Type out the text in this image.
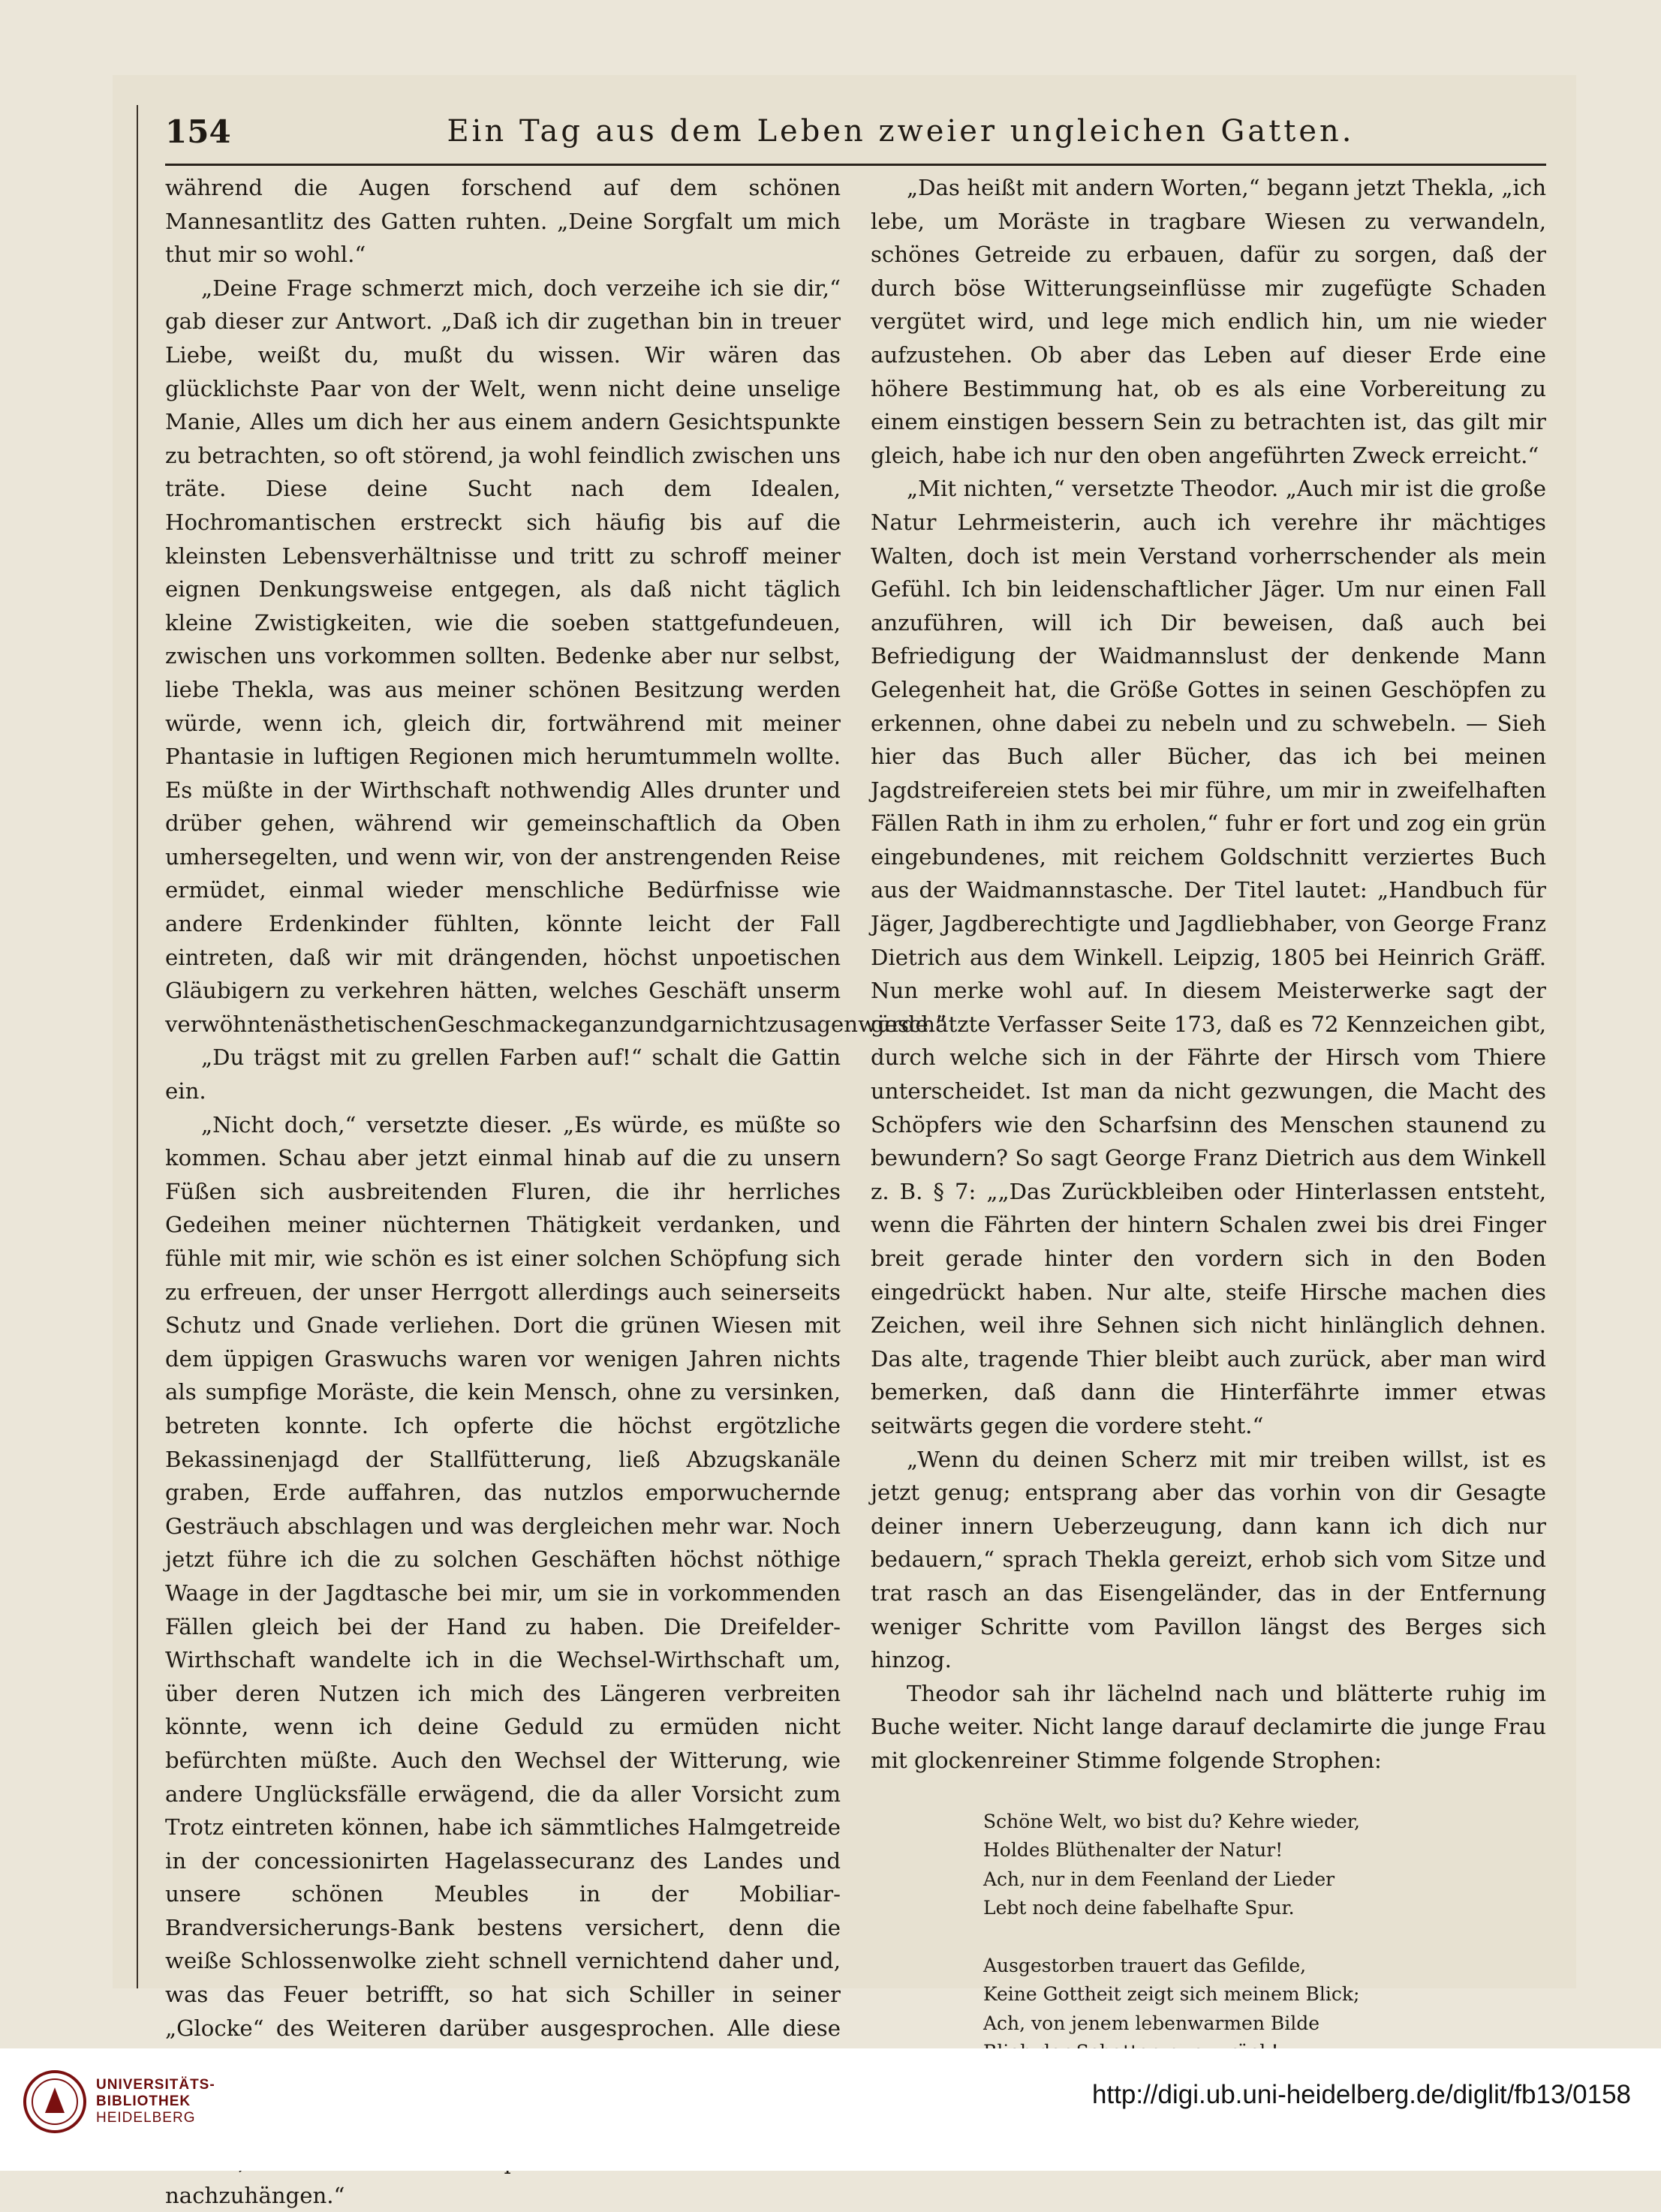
154	Ein Tag aus dem Leben zweier ungleichen Gatten.

während die Augen forschend auf dem schönen Mannesantlitz des Gatten ruhten. „Deine Sorgfalt um mich thut mir so wohl.“

„Deine Frage schmerzt mich, doch verzeihe ich sie dir,“ gab dieser zur Antwort. „Daß ich dir zugethan bin in treuer Liebe, weißt du, mußt du wissen. Wir wären das glücklichste Paar von der Welt, wenn nicht deine unselige Manie, Alles um dich her aus einem andern Gesichtspunkte zu betrachten, so oft störend, ja wohl feindlich zwischen uns träte. Diese deine Sucht nach dem Idealen, Hochromantischen erstreckt sich häufig bis auf die kleinsten Lebensverhältnisse und tritt zu schroff meiner eignen Denkungsweise entgegen, als daß nicht täglich kleine Zwistigkeiten, wie die soeben stattgefundeuen, zwischen uns vorkommen sollten. Bedenke aber nur selbst, liebe Thekla, was aus meiner schönen Besitzung werden würde, wenn ich, gleich dir, fortwährend mit meiner Phantasie in luftigen Regionen mich herumtummeln wollte. Es müßte in der Wirthschaft nothwendig Alles drunter und drüber gehen, während wir gemeinschaftlich da Oben umhersegelten, und wenn wir, von der anstrengenden Reise ermüdet, einmal wieder menschliche Bedürfnisse wie andere Erdenkinder fühlten, könnte leicht der Fall eintreten, daß wir mit drängenden, höchst unpoetischen Gläubigern zu verkehren hätten, welches Geschäft unserm verwöhntenästhetischenGeschmackeganzundgarnichtzusagenwürde.“

„Du trägst mit zu grellen Farben auf!“ schalt die Gattin ein.

„Nicht doch,“ versetzte dieser. „Es würde, es müßte so kommen. Schau aber jetzt einmal hinab auf die zu unsern Füßen sich ausbreitenden Fluren, die ihr herrliches Gedeihen meiner nüchternen Thätigkeit verdanken, und fühle mit mir, wie schön es ist einer solchen Schöpfung sich zu erfreuen, der unser Herrgott allerdings auch seinerseits Schutz und Gnade verliehen. Dort die grünen Wiesen mit dem üppigen Graswuchs waren vor wenigen Jahren nichts als sumpfige Moräste, die kein Mensch, ohne zu versinken, betreten konnte. Ich opferte die höchst ergötzliche Bekassinenjagd der Stallfütterung, ließ Abzugskanäle graben, Erde auffahren, das nutzlos emporwuchernde Gesträuch abschlagen und was dergleichen mehr war. Noch jetzt führe ich die zu solchen Geschäften höchst nöthige Waage in der Jagdtasche bei mir, um sie in vorkommenden Fällen gleich bei der Hand zu haben. Die Dreifelder-Wirthschaft wandelte ich in die Wechsel-Wirthschaft um, über deren Nutzen ich mich des Längeren verbreiten könnte, wenn ich deine Geduld zu ermüden nicht befürchten müßte. Auch den Wechsel der Witterung, wie andere Unglücksfälle erwägend, die da aller Vorsicht zum Trotz eintreten können, habe ich sämmtliches Halmgetreide in der concessionirten Hagelassecuranz des Landes und unsere schönen Meubles in der Mobiliar-Brandversicherungs-Bank bestens versichert, denn die weiße Schlossenwolke zieht schnell vernichtend daher und, was das Feuer betrifft, so hat sich Schiller in seiner „Glocke“ des Weiteren darüber ausgesprochen. Alle diese nachzuhängen.“

„Das heißt mit andern Worten,“ begann jetzt Thekla, „ich lebe, um Moräste in tragbare Wiesen zu verwandeln, schönes Getreide zu erbauen, dafür zu sorgen, daß der durch böse Witterungseinflüsse mir zugefügte Schaden vergütet wird, und lege mich endlich hin, um nie wieder aufzustehen. Ob aber das Leben auf dieser Erde eine höhere Bestimmung hat, ob es als eine Vorbereitung zu einem einstigen bessern Sein zu betrachten ist, das gilt mir gleich, habe ich nur den oben angeführten Zweck erreicht.“

„Mit nichten,“ versetzte Theodor. „Auch mir ist die große Natur Lehrmeisterin, auch ich verehre ihr mächtiges Walten, doch ist mein Verstand vorherrschender als mein Gefühl. Ich bin leidenschaftlicher Jäger. Um nur einen Fall anzuführen, will ich Dir beweisen, daß auch bei Befriedigung der Waidmannslust der denkende Mann Gelegenheit hat, die Größe Gottes in seinen Geschöpfen zu erkennen, ohne dabei zu nebeln und zu schwebeln. — Sieh hier das Buch aller Bücher, das ich bei meinen Jagdstreifereien stets bei mir führe, um mir in zweifelhaften Fällen Rath in ihm zu erholen,“ fuhr er fort und zog ein grün eingebundenes, mit reichem Goldschnitt verziertes Buch aus der Waidmannstasche. Der Titel lautet: „Handbuch für Jäger, Jagdberechtigte und Jagdliebhaber, von George Franz Dietrich aus dem Winkell. Leipzig, 1805 bei Heinrich Gräff. Nun merke wohl auf. In diesem Meisterwerke sagt der geschätzte Verfasser Seite 173, daß es 72 Kennzeichen gibt, durch welche sich in der Fährte der Hirsch vom Thiere unterscheidet. Ist man da nicht gezwungen, die Macht des Schöpfers wie den Scharfsinn des Menschen staunend zu bewundern? So sagt George Franz Dietrich aus dem Winkell z. B. § 7: „„Das Zurückbleiben oder Hinterlassen entsteht, wenn die Fährten der hintern Schalen zwei bis drei Finger breit gerade hinter den vordern sich in den Boden eingedrückt haben. Nur alte, steife Hirsche machen dies Zeichen, weil ihre Sehnen sich nicht hinlänglich dehnen. Das alte, tragende Thier bleibt auch zurück, aber man wird bemerken, daß dann die Hinterfährte immer etwas seitwärts gegen die vordere steht.“

„Wenn du deinen Scherz mit mir treiben willst, ist es jetzt genug; entsprang aber das vorhin von dir Gesagte deiner innern Ueberzeugung, dann kann ich dich nur bedauern,“ sprach Thekla gereizt, erhob sich vom Sitze und trat rasch an das Eisengeländer, das in der Entfernung weniger Schritte vom Pavillon längst des Berges sich hinzog.

Theodor sah ihr lächelnd nach und blätterte ruhig im Buche weiter. Nicht lange darauf declamirte die junge Frau mit glockenreiner Stimme folgende Strophen:

Schöne Welt, wo bist du? Kehre wieder,
Holdes Blüthenalter der Natur!
Ach, nur in dem Feenland der Lieder
Lebt noch deine fabelhafte Spur.
Ausgestorben trauert das Gefilde,
Keine Gottheit zeigt sich meinem Blick;
Ach, von jenem lebenwarmen Bilde
UNIVERSITÄTS-
BIBLIOTHEK
HEIDELBERG
http://digi.ub.uni-heidelberg.de/diglit/fb13/0158
